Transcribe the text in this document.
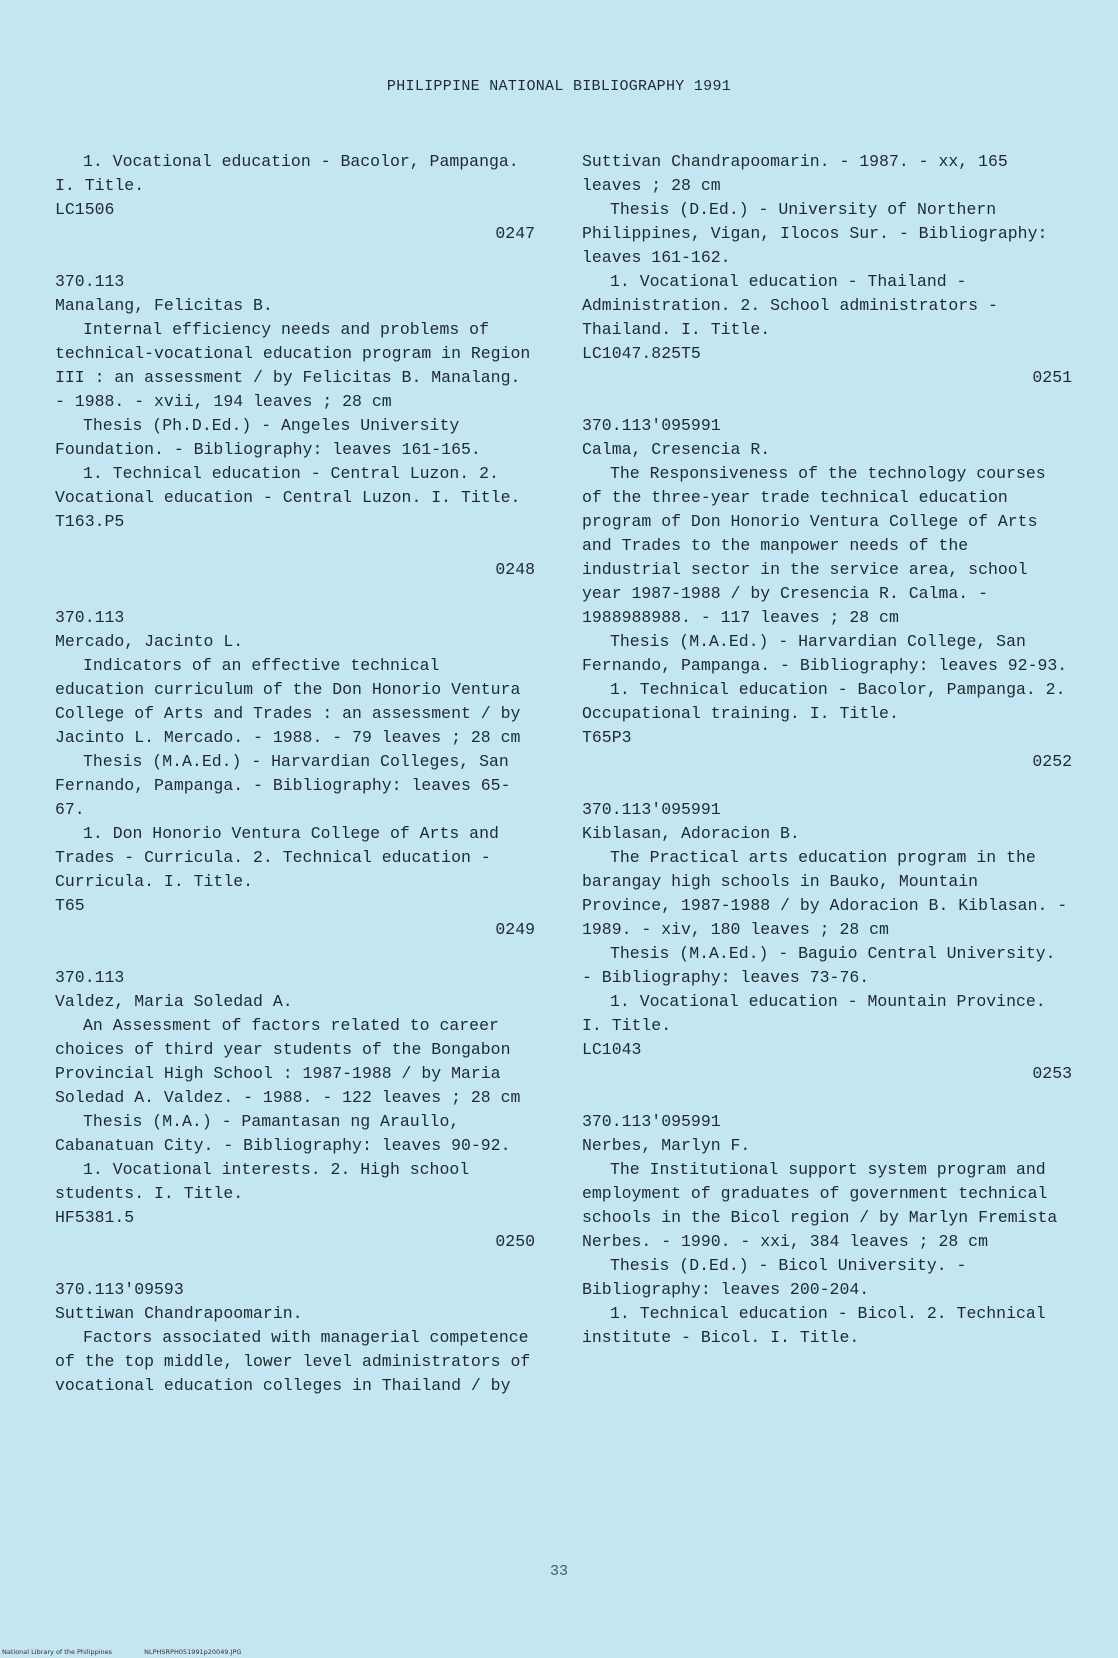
PHILIPPINE NATIONAL BIBLIOGRAPHY 1991

1. Vocational education - Bacolor, Pampanga. I. Title.

LC1506

0247

370.113

Manalang, Felicitas B.

Internal efficiency needs and problems of technical-vocational education program in Region III : an assessment / by Felicitas B. Manalang. - 1988. - xvii, 194 leaves ; 28 cm

Thesis (Ph.D.Ed.) - Angeles University Foundation. - Bibliography: leaves 161-165.

1. Technical education - Central Luzon. 2. Vocational education - Central Luzon. I. Title.

T163.P5

0248

370.113

Mercado, Jacinto L.

Indicators of an effective technical education curriculum of the Don Honorio Ventura College of Arts and Trades : an assessment / by Jacinto L. Mercado. - 1988. - 79 leaves ; 28 cm

Thesis (M.A.Ed.) - Harvardian Colleges, San Fernando, Pampanga. - Bibliography: leaves 65-67.

1. Don Honorio Ventura College of Arts and Trades - Curricula. 2. Technical education - Curricula. I. Title.

T65

0249

370.113

Valdez, Maria Soledad A.

An Assessment of factors related to career choices of third year students of the Bongabon Provincial High School : 1987-1988 / by Maria Soledad A. Valdez. - 1988. - 122 leaves ; 28 cm

Thesis (M.A.) - Pamantasan ng Araullo, Cabanatuan City. - Bibliography: leaves 90-92.

1. Vocational interests. 2. High school students. I. Title.

HF5381.5

0250

370.113'09593

Suttiwan Chandrapoomarin.

Factors associated with managerial competence of the top middle, lower level administrators of vocational education colleges in Thailand / by

Suttivan Chandrapoomarin. - 1987. - xx, 165 leaves ; 28 cm

Thesis (D.Ed.) - University of Northern Philippines, Vigan, Ilocos Sur. - Bibliography: leaves 161-162.

1. Vocational education - Thailand - Administration. 2. School administrators - Thailand. I. Title.

LC1047.825T5

0251

370.113'095991

Calma, Cresencia R.

The Responsiveness of the technology courses of the three-year trade technical education program of Don Honorio Ventura College of Arts and Trades to the manpower needs of the industrial sector in the service area, school year 1987-1988 / by Cresencia R. Calma. - 1988988988. - 117 leaves ; 28 cm

Thesis (M.A.Ed.) - Harvardian College, San Fernando, Pampanga. - Bibliography: leaves 92-93.

1. Technical education - Bacolor, Pampanga. 2. Occupational training. I. Title.

T65P3

0252

370.113'095991

Kiblasan, Adoracion B.

The Practical arts education program in the barangay high schools in Bauko, Mountain Province, 1987-1988 / by Adoracion B. Kiblasan. - 1989. - xiv, 180 leaves ; 28 cm

Thesis (M.A.Ed.) - Baguio Central University. - Bibliography: leaves 73-76.

1. Vocational education - Mountain Province. I. Title.

LC1043

0253

370.113'095991

Nerbes, Marlyn F.

The Institutional support system program and employment of graduates of government technical schools in the Bicol region / by Marlyn Fremista Nerbes. - 1990. - xxi, 384 leaves ; 28 cm

Thesis (D.Ed.) - Bicol University. - Bibliography: leaves 200-204.

1. Technical education - Bicol. 2. Technical institute - Bicol. I. Title.

33
National Library of the Philippines	NLPHSRPH051991p20049.JPG
